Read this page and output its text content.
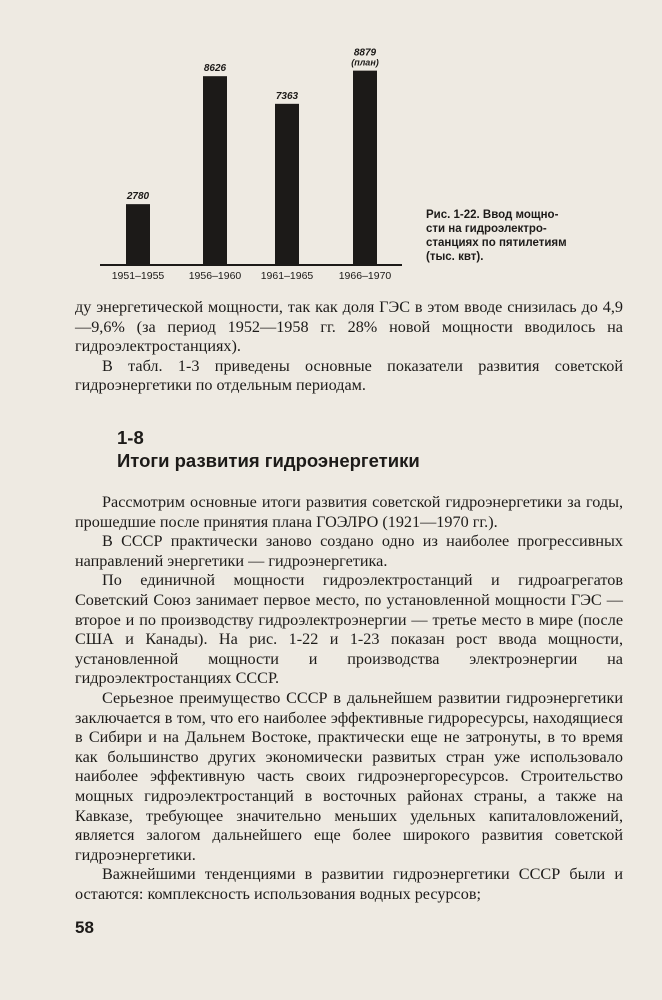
2780
1951–1955
8626
1956–1960
7363
1961–1965
8879
1966–1970
(план)
Рис. 1-22. Ввод мощно-
сти на гидроэлектро-
станциях по пятилетиям
(тыс. квт).

ду энергетической мощности, так как доля ГЭС в этом вводе снизилась до 4,9—9,6% (за период 1952—1958 гг. 28% новой мощности вводилось на гидроэлектростанциях).

В табл. 1-3 приведены основные показатели развития советской гидроэнергетики по отдельным периодам.

1-8
Итоги развития гидроэнергетики

Рассмотрим основные итоги развития советской гидроэнергетики за годы, прошедшие после принятия плана ГОЭЛРО (1921—1970 гг.).

В СССР практически заново создано одно из наиболее прогрессивных направлений энергетики — гидроэнергетика.

По единичной мощности гидроэлектростанций и гидроагрегатов Советский Союз занимает первое место, по установленной мощности ГЭС — второе и по производству гидроэлектроэнергии — третье место в мире (после США и Канады). На рис. 1-22 и 1-23 показан рост ввода мощности, установленной мощности и производства электроэнергии на гидроэлектростанциях СССР.

Серьезное преимущество СССР в дальнейшем развитии гидроэнергетики заключается в том, что его наиболее эффективные гидроресурсы, находящиеся в Сибири и на Дальнем Востоке, практически еще не затронуты, в то время как большинство других экономически развитых стран уже использовало наиболее эффективную часть своих гидроэнергоресурсов. Строительство мощных гидроэлектростанций в восточных районах страны, а также на Кавказе, требующее значительно меньших удельных капиталовложений, является залогом дальнейшего еще более широкого развития советской гидроэнергетики.

Важнейшими тенденциями в развитии гидроэнергетики СССР были и остаются: комплексность использования водных ресурсов;

58
